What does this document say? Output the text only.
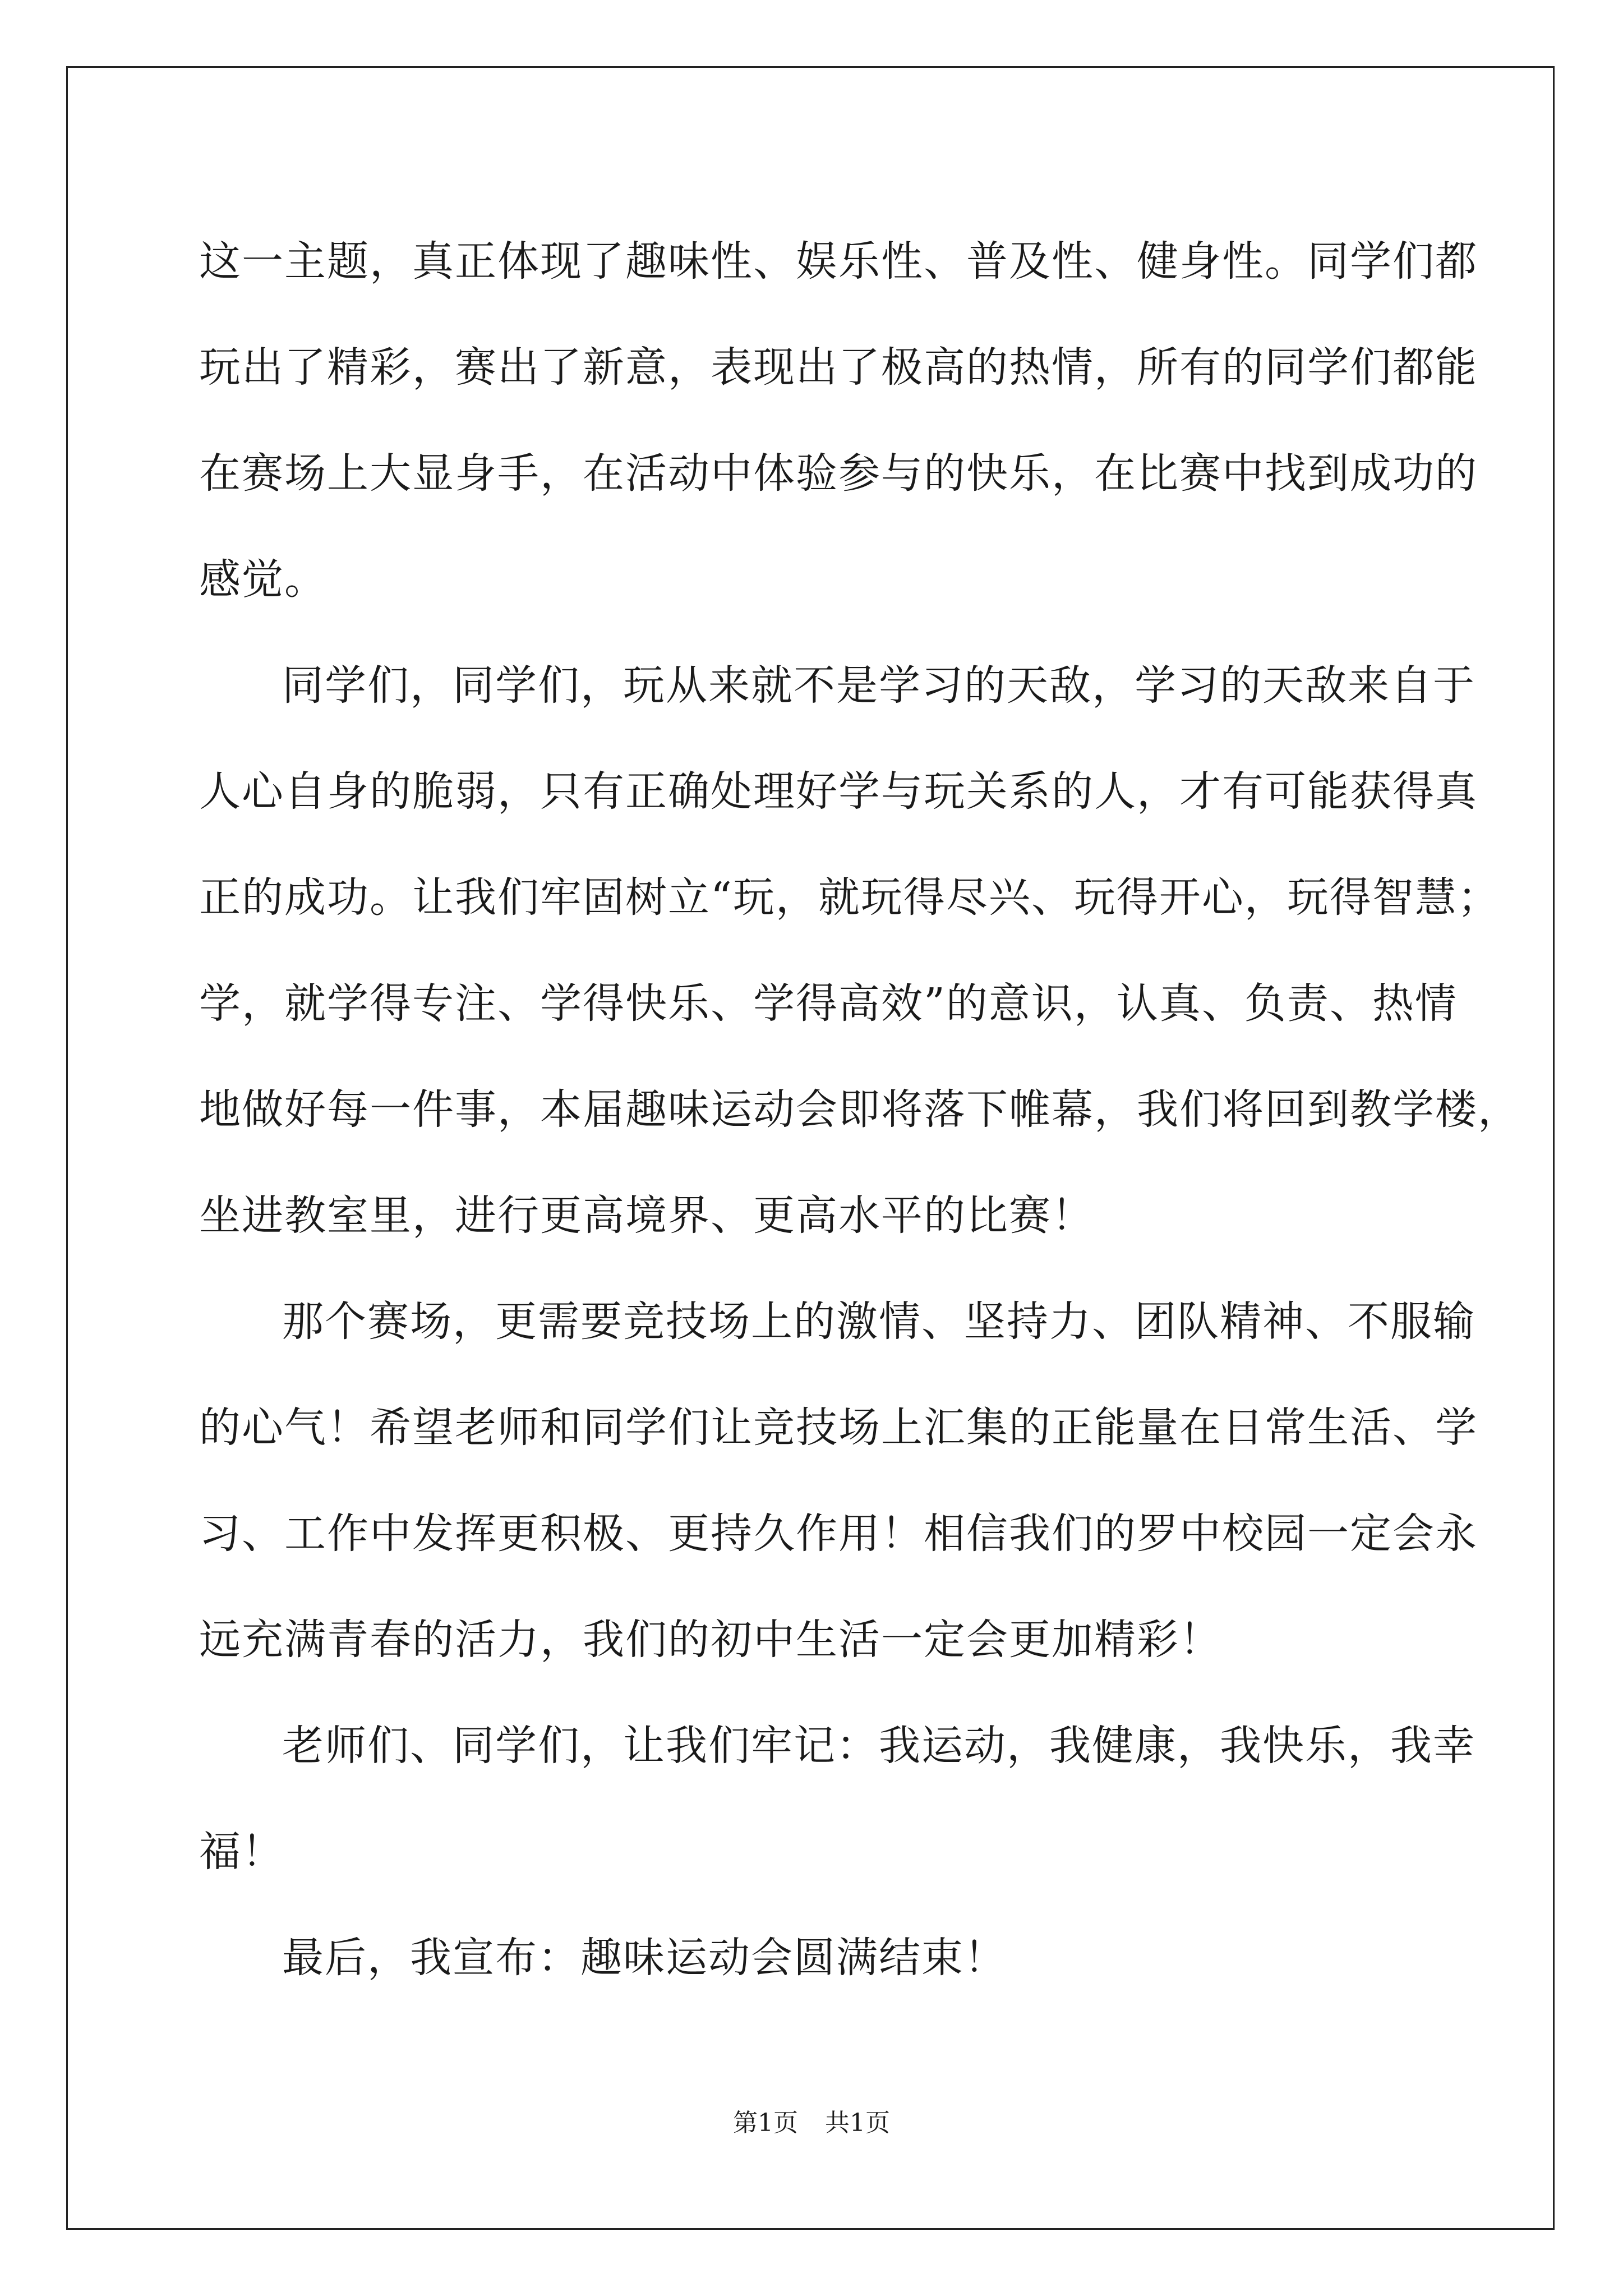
这一主题，真正体现了趣味性、娱乐性、普及性、健身性。同学们都
玩出了精彩，赛出了新意，表现出了极高的热情，所有的同学们都能
在赛场上大显身手，在活动中体验参与的快乐，在比赛中找到成功的
感觉。

同学们，同学们，玩从来就不是学习的天敌，学习的天敌来自于
人心自身的脆弱，只有正确处理好学与玩关系的人，才有可能获得真
正的成功。让我们牢固树立“玩，就玩得尽兴、玩得开心，玩得智慧；
学，就学得专注、学得快乐、学得高效”的意识，认真、负责、热情
地做好每一件事，本届趣味运动会即将落下帷幕，我们将回到教学楼，
坐进教室里，进行更高境界、更高水平的比赛！

那个赛场，更需要竞技场上的激情、坚持力、团队精神、不服输
的心气！希望老师和同学们让竞技场上汇集的正能量在日常生活、学
习、工作中发挥更积极、更持久作用！相信我们的罗中校园一定会永
远充满青春的活力，我们的初中生活一定会更加精彩！

老师们、同学们，让我们牢记：我运动，我健康，我快乐，我幸
福！

最后，我宣布：趣味运动会圆满结束！

第1页 共1页
